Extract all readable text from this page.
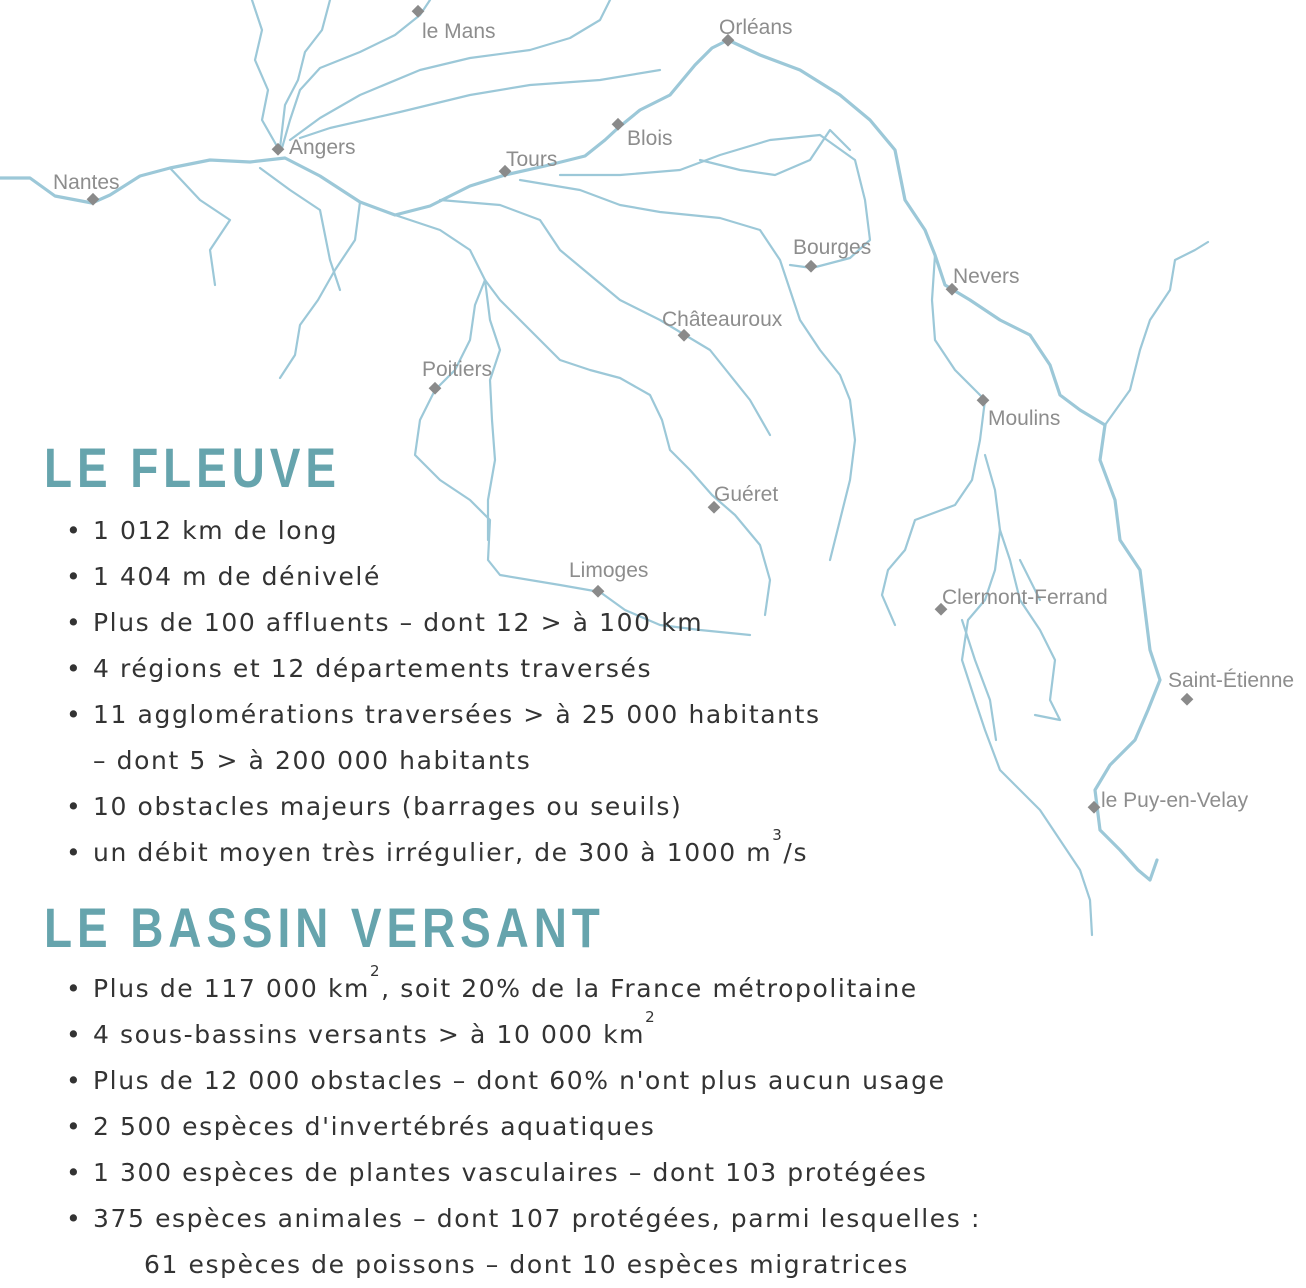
le Mans	Orléans
Angers	Blois
Nantes
Tours
Bourges
Nevers
Châteauroux
Poitiers
Moulins
Guéret
Limoges
Clermont-Ferrand
Saint-Étienne
le Puy-en-Velay
LE FLEUVE
• 1 012 km de long
• 1 404 m de dénivelé
• Plus de 100 affluents – dont 12 > à 100 km
• 4 régions et 12 départements traversés
• 11 agglomérations traversées > à 25 000 habitants
– dont 5 > à 200 000 habitants
• 10 obstacles majeurs (barrages ou seuils)
• un débit moyen très irrégulier, de 300 à 1000 $m^3/s$
LE BASSIN VERSANT
• Plus de 117 000 $km^2$, soit 20% de la France métropolitaine
• 4 sous-bassins versants > à 10 000 $km^2$
• Plus de 12 000 obstacles – dont 60% n'ont plus aucun usage
• 2 500 espèces d'invertébrés aquatiques
• 1 300 espèces de plantes vasculaires – dont 103 protégées
• 375 espèces animales – dont 107 protégées, parmi lesquelles :
61 espèces de poissons – dont 10 espèces migratrices
